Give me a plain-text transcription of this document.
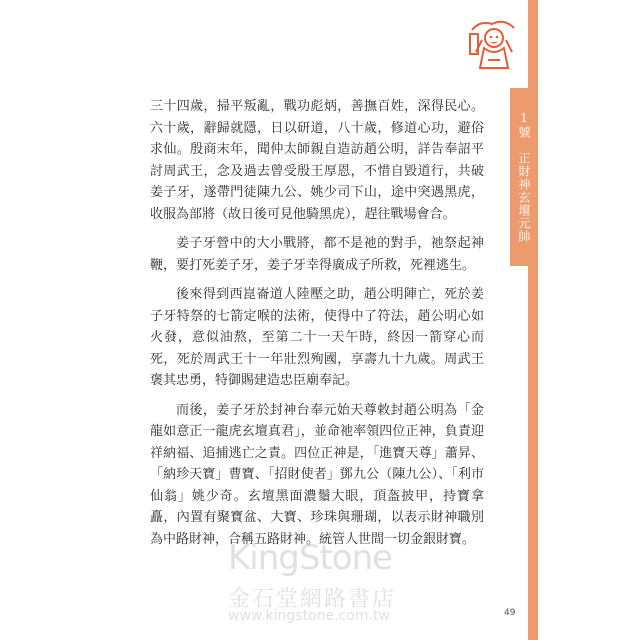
1號　正財神玄壇元帥

三十四歲，掃平叛亂，戰功彪炳，善撫百姓，深得民心。六十歲，辭歸就隱，日以研道，八十歲，修道心功，避俗求仙。殷商末年，聞仲太師親自造訪趙公明，詳告奉詔平討周武王，念及過去曾受殷王厚恩，不惜自毀道行，共破姜子牙，遂帶門徒陳九公、姚少司下山，途中突遇黑虎，收服為部將（故日後可見他騎黑虎），趕往戰場會合。

姜子牙營中的大小戰將，都不是祂的對手，祂祭起神鞭，要打死姜子牙，姜子牙幸得廣成子所救，死裡逃生。

後來得到西崑崙道人陸壓之助，趙公明陣亡，死於姜子牙特祭的七箭定喉的法術，使得中了符法，趙公明心如火發，意似油熬，至第二十一天午時，終因一箭穿心而死，死於周武王十一年壯烈殉國，享壽九十九歲。周武王褒其忠勇，特御賜建造忠臣廟奉記。

而後，姜子牙於封神台奉元始天尊敕封趙公明為「金龍如意正一龍虎玄壇真君」，並命祂率領四位正神，負責迎祥納福、追捕逃亡之責。四位正神是，「進寶天尊」蕭昇、「納珍天寶」曹寶、「招財使者」鄧九公（陳九公）、「利市仙翁」姚少奇。玄壇黑面濃鬚大眼，頂盔披甲，持寶拿矗，內置有聚寶盆、大寶、珍珠與珊瑚，以表示財神職別為中路財神，合稱五路財神。統管人世間一切金銀財寶。

KingStone
金石堂網路書店
www.kingstone.com.tw	49
